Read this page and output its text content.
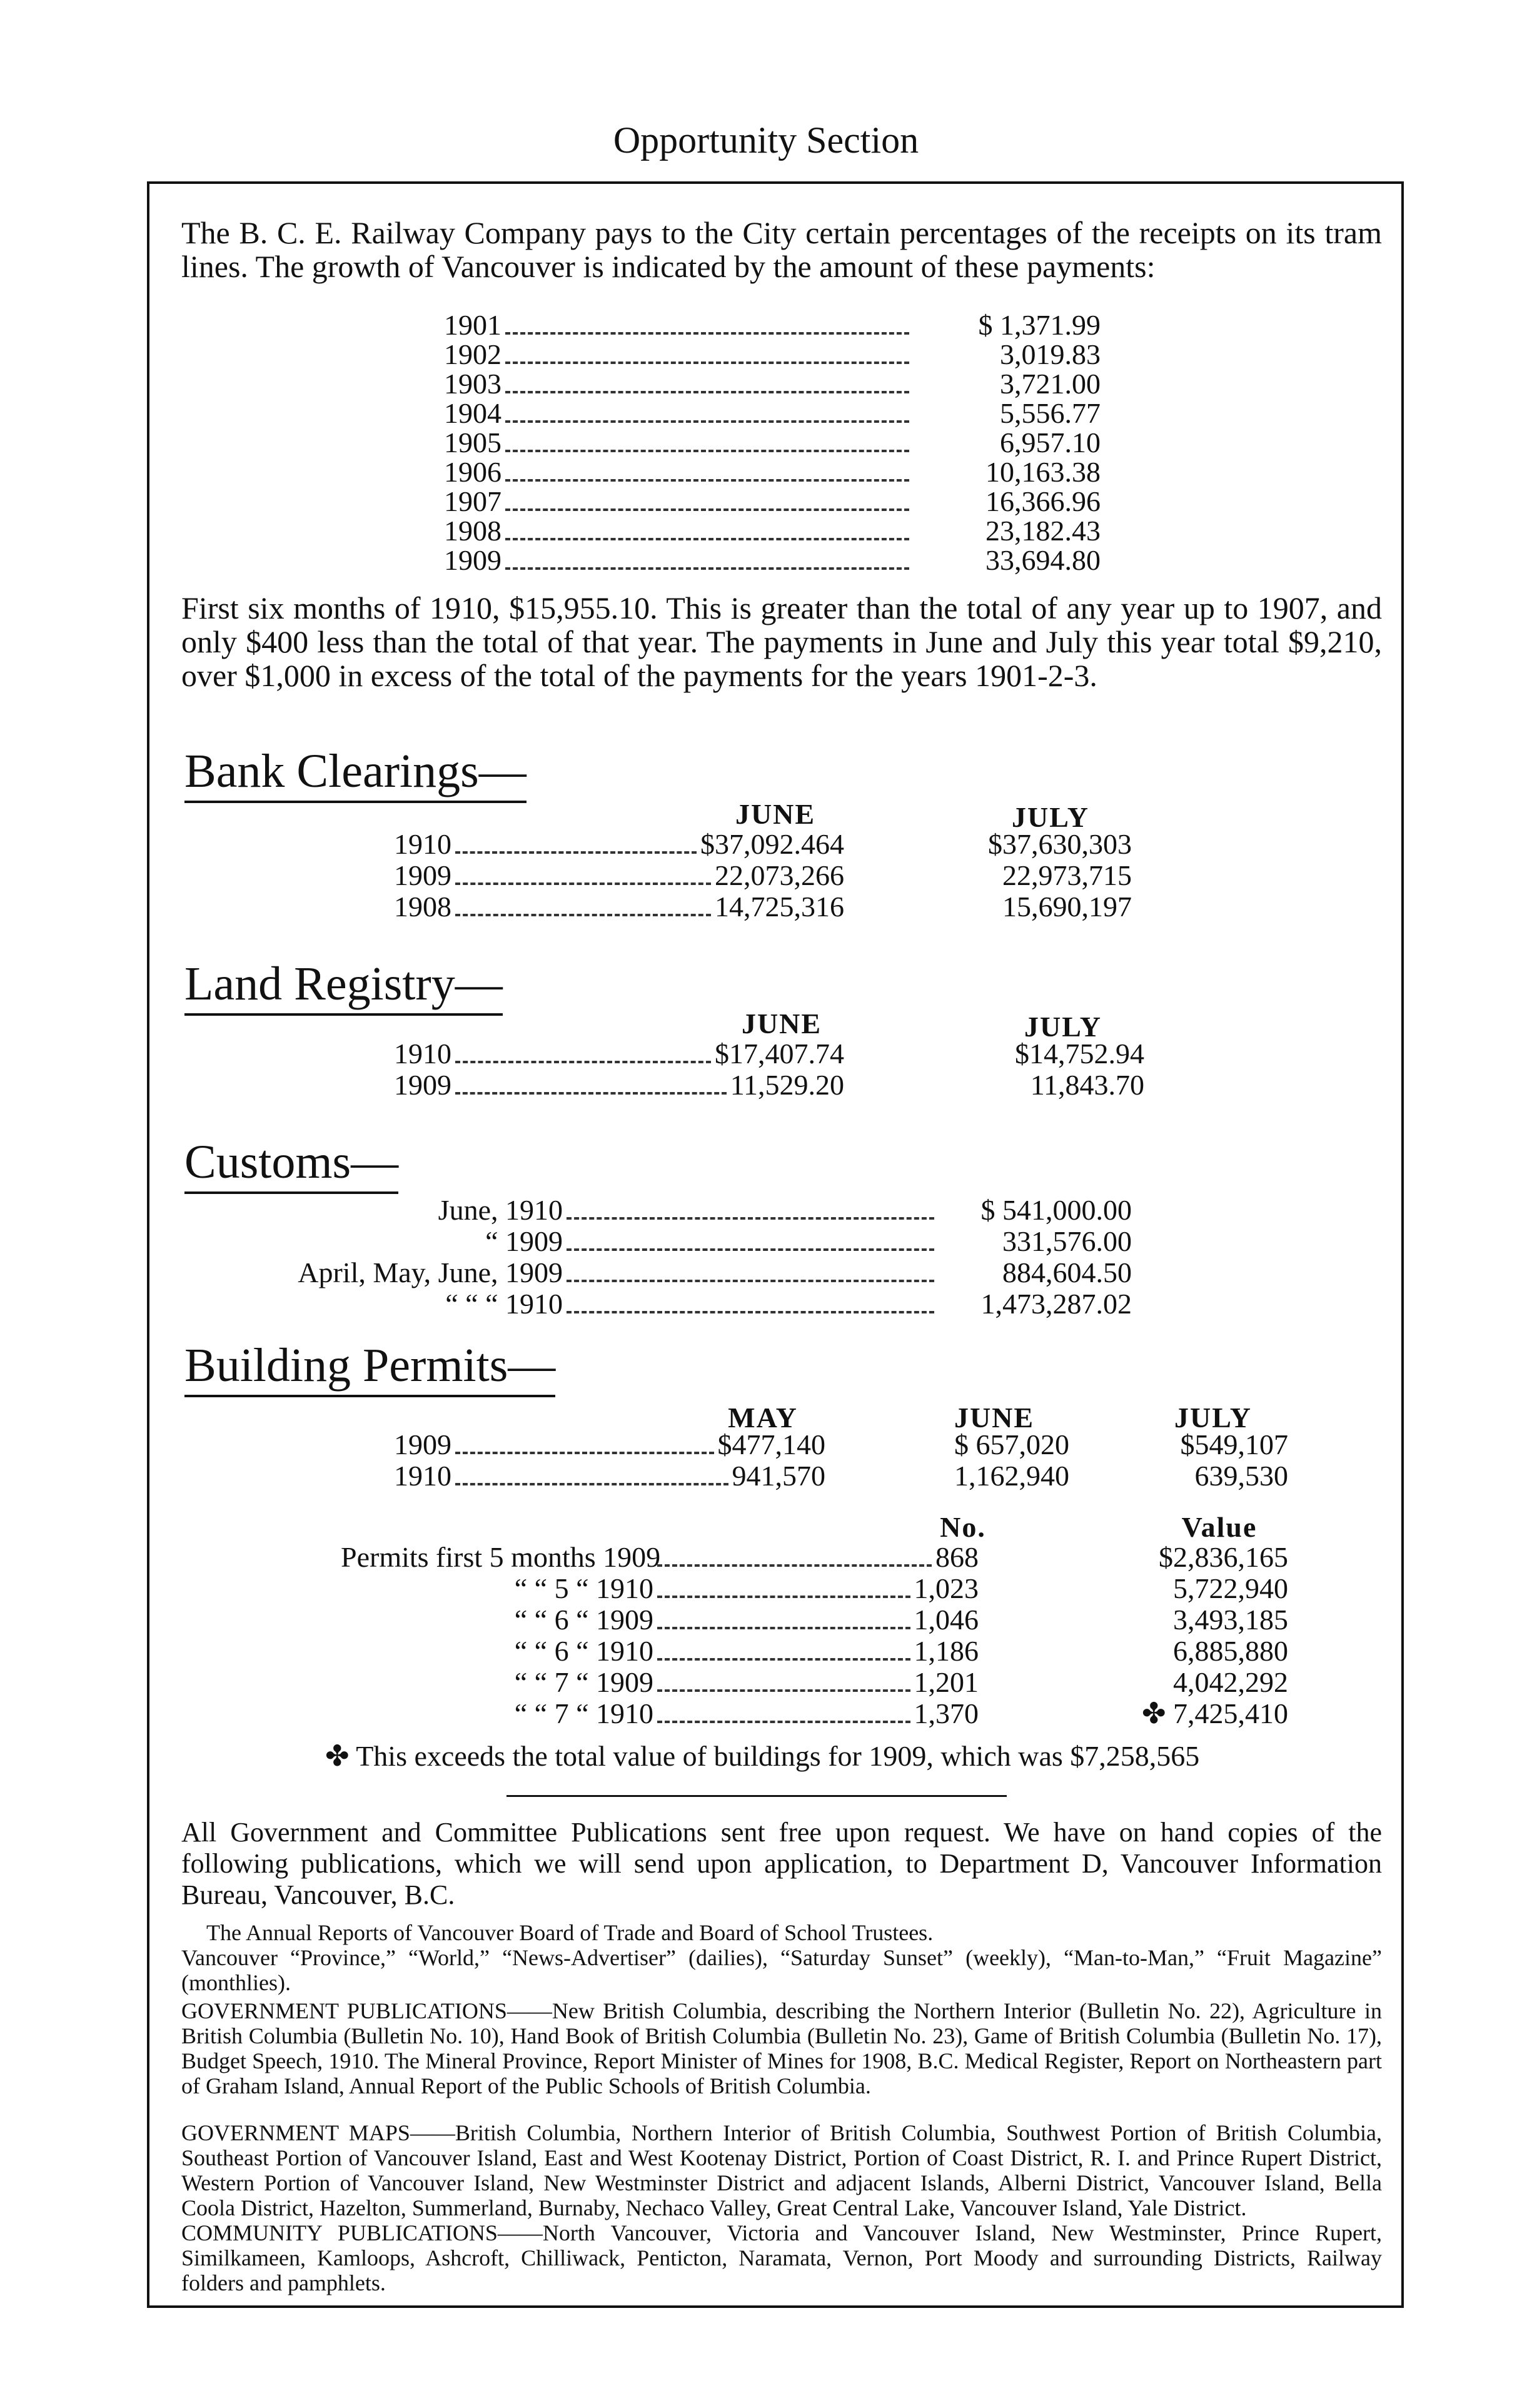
Opportunity Section
The B. C. E. Railway Company pays to the City certain percentages of the receipts on its tram lines. The growth of Vancouver is indicated by the amount of these payments:
1901	$ 1,371.99
1902	3,019.83
1903	3,721.00
1904	5,556.77
1905	6,957.10
1906	10,163.38
1907	16,366.96
1908	23,182.43
1909	33,694.80
First six months of 1910, $15,955.10. This is greater than the total of any year up to 1907, and only $400 less than the total of that year. The payments in June and July this year total $9,210, over $1,000 in excess of the total of the payments for the years 1901-2-3.
Bank Clearings—
JUNE	JULY
1910	$37,092.464	$37,630,303
1909	22,073,266	22,973,715
1908	14,725,316	15,690,197
Land Registry—
JUNE	JULY
1910	$17,407.74	$14,752.94
1909	11,529.20	11,843.70
Customs—
June, 1910	$ 541,000.00
“ 1909	331,576.00
April, May, June, 1909	884,604.50
“ “ “ 1910	1,473,287.02
Building Permits—
MAY	JUNE	JULY
1909	$477,140	$ 657,020	$549,107
1910	941,570	1,162,940	639,530
No.	Value
Permits first 5 months 1909	868	$2,836,165
“ “ 5 “ 1910	1,023	5,722,940
“ “ 6 “ 1909	1,046	3,493,185
“ “ 6 “ 1910	1,186	6,885,880
“ “ 7 “ 1909	1,201	4,042,292
“ “ 7 “ 1910	1,370	✤ 7,425,410
✤ This exceeds the total value of buildings for 1909, which was $7,258,565
All Government and Committee Publications sent free upon request. We have on hand copies of the following publications, which we will send upon application, to Department D, Vancouver Information Bureau, Vancouver, B.C.
The Annual Reports of Vancouver Board of Trade and Board of School Trustees.
Vancouver “Province,” “World,” “News-Advertiser” (dailies), “Saturday Sunset” (weekly), “Man-to-Man,” “Fruit Magazine” (monthlies).
GOVERNMENT PUBLICATIONS——New British Columbia, describing the Northern Interior (Bulletin No. 22), Agriculture in British Columbia (Bulletin No. 10), Hand Book of British Columbia (Bulletin No. 23), Game of British Columbia (Bulletin No. 17), Budget Speech, 1910. The Mineral Province, Report Minister of Mines for 1908, B.C. Medical Register, Report on Northeastern part of Graham Island, Annual Report of the Public Schools of British Columbia.
GOVERNMENT MAPS——British Columbia, Northern Interior of British Columbia, Southwest Portion of British Columbia, Southeast Portion of Vancouver Island, East and West Kootenay District, Portion of Coast District, R. I. and Prince Rupert District, Western Portion of Vancouver Island, New Westminster District and adjacent Islands, Alberni District, Vancouver Island, Bella Coola District, Hazelton, Summerland, Burnaby, Nechaco Valley, Great Central Lake, Vancouver Island, Yale District.
COMMUNITY PUBLICATIONS——North Vancouver, Victoria and Vancouver Island, New Westminster, Prince Rupert, Similkameen, Kamloops, Ashcroft, Chilliwack, Penticton, Naramata, Vernon, Port Moody and surrounding Districts, Railway folders and pamphlets.
